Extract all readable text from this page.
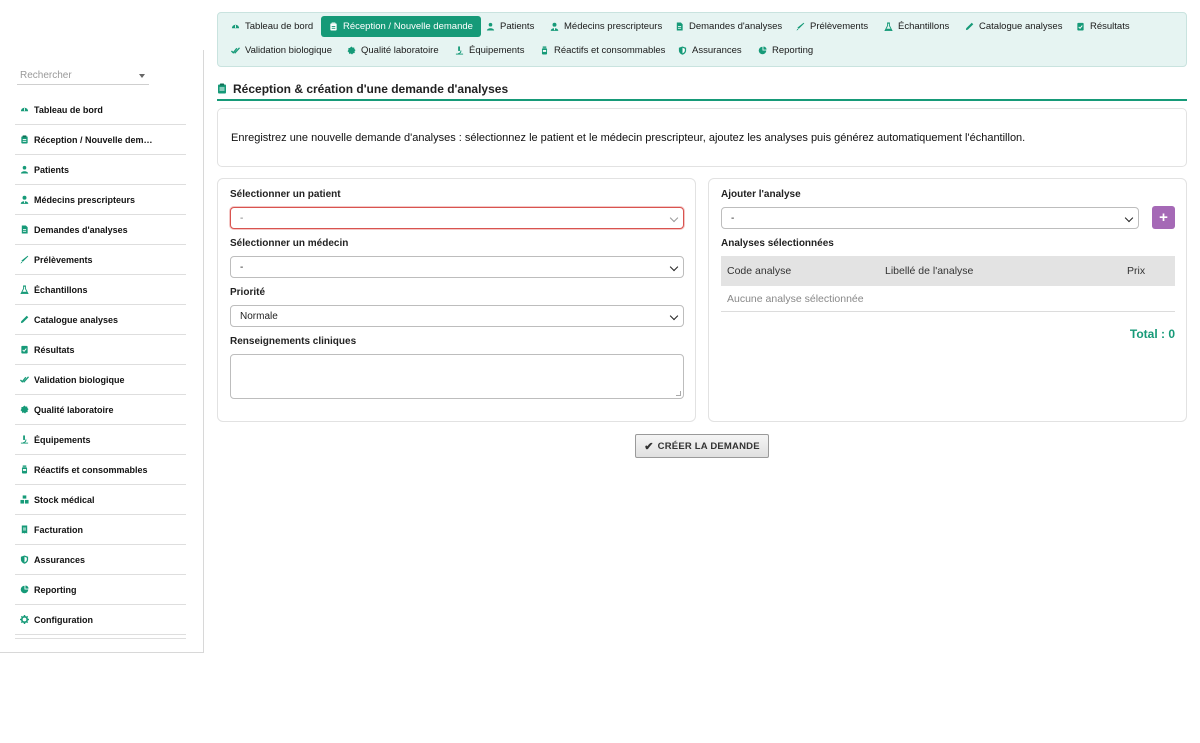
Rechercher
Tableau de bord
Réception / Nouvelle dem…
Patients
Médecins prescripteurs
Demandes d'analyses
Prélèvements
Échantillons
Catalogue analyses
Résultats
Validation biologique
Qualité laboratoire
Équipements
Réactifs et consommables
Stock médical
Facturation
Assurances
Reporting
Configuration
Tableau de bord	Réception / Nouvelle demande	Patients	Médecins prescripteurs	Demandes d'analyses	Prélèvements	Échantillons	Catalogue analyses	Résultats
Validation biologique	Qualité laboratoire	Équipements	Réactifs et consommables	Assurances	Reporting
Réception & création d'une demande d'analyses

Enregistrez une nouvelle demande d'analyses : sélectionnez le patient et le médecin prescripteur, ajoutez les analyses puis générez automatiquement l'échantillon.

Sélectionner un patient
-
Sélectionner un médecin
-
Priorité
Normale
Renseignements cliniques
Ajouter l'analyse
-	+
Analyses sélectionnées
Code analyse	Libellé de l'analyse	Prix
Aucune analyse sélectionnée
Total : 0
✔ CRÉER LA DEMANDE
